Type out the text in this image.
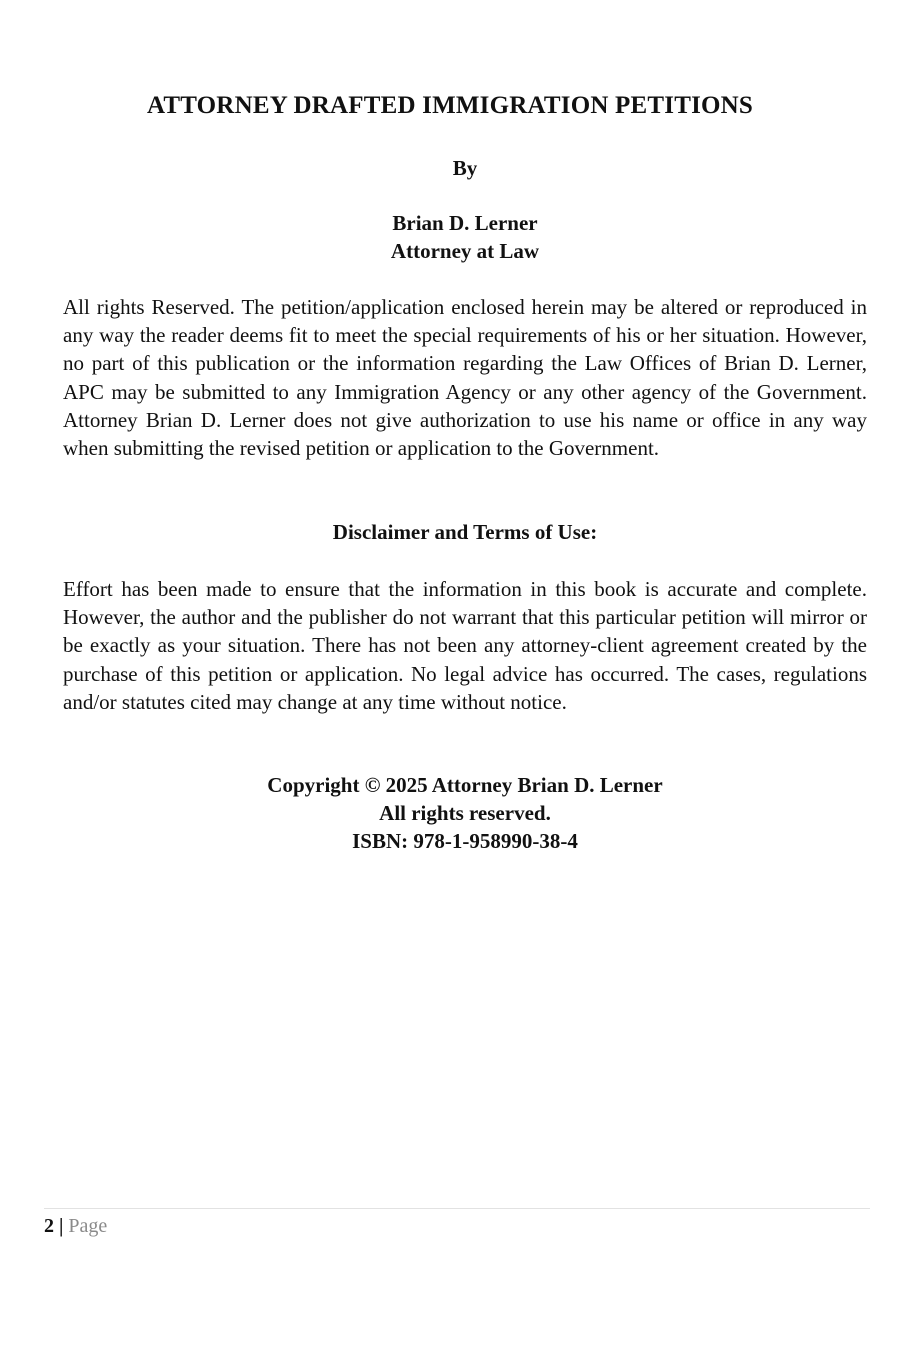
ATTORNEY DRAFTED IMMIGRATION PETITIONS
By
Brian D. Lerner
Attorney at Law

All rights Reserved. The petition/application enclosed herein may be altered or reproduced in any way the reader deems fit to meet the special requirements of his or her situation. However, no part of this publication or the information regarding the Law Offices of Brian D. Lerner, APC may be submitted to any Immigration Agency or any other agency of the Government. Attorney Brian D. Lerner does not give authorization to use his name or office in any way when submitting the revised petition or application to the Government.

Disclaimer and Terms of Use:

Effort has been made to ensure that the information in this book is accurate and complete. However, the author and the publisher do not warrant that this particular petition will mirror or be exactly as your situation. There has not been any attorney-client agreement created by the purchase of this petition or application. No legal advice has occurred. The cases, regulations and/or statutes cited may change at any time without notice.

Copyright © 2025 Attorney Brian D. Lerner
All rights reserved.
ISBN: 978-1-958990-38-4
2 | Page
